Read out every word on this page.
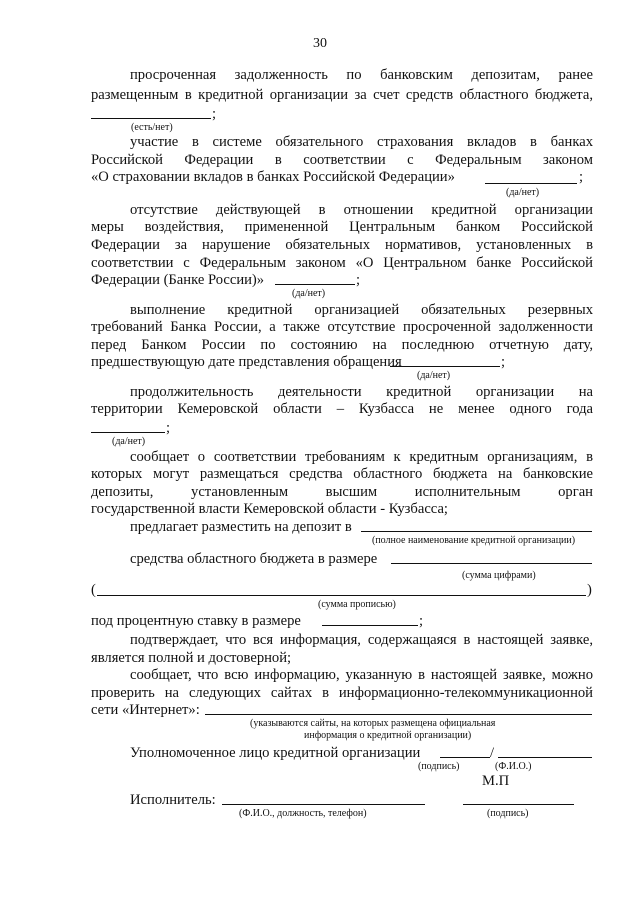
30
просроченная задолженность по банковским депозитам, ранее
размещенным в кредитной организации за счет средств областного бюджета,
;
(есть/нет)
участие в системе обязательного страхования вкладов в банках
Российской Федерации в соответствии с Федеральным законом
«О страховании вкладов в банках Российской Федерации»	;
(да/нет)
отсутствие действующей в отношении кредитной организации
меры воздействия, примененной Центральным банком Российской
Федерации за нарушение обязательных нормативов, установленных в
соответствии с Федеральным законом «О Центральном банке Российской
Федерации (Банке России)»	;
(да/нет)
выполнение кредитной организацией обязательных резервных
требований Банка России, а также отсутствие просроченной задолженности
перед Банком России по состоянию на последнюю отчетную дату,
предшествующую дате представления обращения	;
(да/нет)
продолжительность деятельности кредитной организации на
территории Кемеровской области – Кузбасса не менее одного года
;
(да/нет)
сообщает о соответствии требованиям к кредитным организациям, в
которых могут размещаться средства областного бюджета на банковские
депозиты, установленным высшим исполнительным орган
государственной власти Кемеровской области - Кузбасса;
предлагает разместить на депозит в
(полное наименование кредитной организации)
средства областного бюджета в размере
(сумма цифрами)
(	)
(сумма прописью)
под процентную ставку в размере	;
подтверждает, что вся информация, содержащаяся в настоящей заявке,
является полной и достоверной;
сообщает, что всю информацию, указанную в настоящей заявке, можно
проверить на следующих сайтах в информационно-телекоммуникационной
сети «Интернет»:
(указываются сайты, на которых размещена официальная
информация о кредитной организации)
Уполномоченное лицо кредитной организации	/
(подпись)	(Ф.И.О.)
М.П
Исполнитель:
(Ф.И.О., должность, телефон)	(подпись)
